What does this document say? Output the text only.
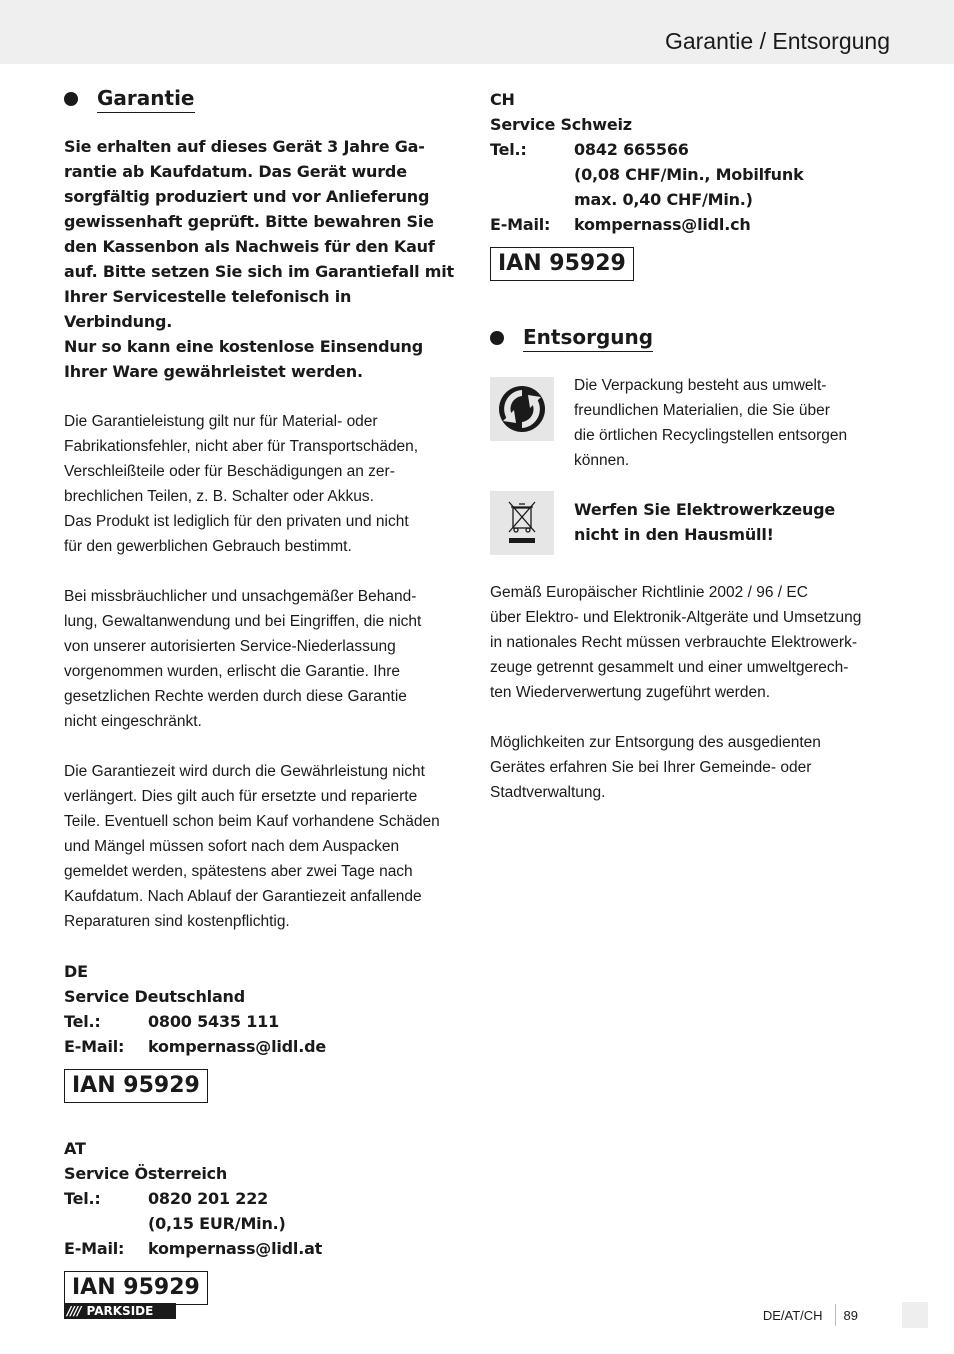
Garantie / Entsorgung
Garantie

Sie erhalten auf dieses Gerät 3 Jahre Ga-

rantie ab Kaufdatum. Das Gerät wurde

sorgfältig produziert und vor Anlieferung

gewissenhaft geprüft. Bitte bewahren Sie

den Kassenbon als Nachweis für den Kauf

auf. Bitte setzen Sie sich im Garantiefall mit

Ihrer Servicestelle telefonisch in Verbindung.

Nur so kann eine kostenlose Einsendung

Ihrer Ware gewährleistet werden.

Die Garantieleistung gilt nur für Material- oder

Fabrikationsfehler, nicht aber für Transportschäden,

Verschleißteile oder für Beschädigungen an zer-

brechlichen Teilen, z. B. Schalter oder Akkus.

Das Produkt ist lediglich für den privaten und nicht

für den gewerblichen Gebrauch bestimmt.

Bei missbräuchlicher und unsachgemäßer Behand-

lung, Gewaltanwendung und bei Eingriffen, die nicht

von unserer autorisierten Service-Niederlassung

vorgenommen wurden, erlischt die Garantie. Ihre

gesetzlichen Rechte werden durch diese Garantie

nicht eingeschränkt.

Die Garantiezeit wird durch die Gewährleistung nicht

verlängert. Dies gilt auch für ersetzte und reparierte

Teile. Eventuell schon beim Kauf vorhandene Schäden

und Mängel müssen sofort nach dem Auspacken

gemeldet werden, spätestens aber zwei Tage nach

Kaufdatum. Nach Ablauf der Garantiezeit anfallende

Reparaturen sind kostenpflichtig.

DE
Service Deutschland
Tel.:	0800 5435 111
E-Mail:	kompernass@lidl.de
IAN 95929
AT
Service Österreich
Tel.:	0820 201 222
(0,15 EUR/Min.)
E-Mail:	kompernass@lidl.at
IAN 95929
CH
Service Schweiz
Tel.:	0842 665566
(0,08 CHF/Min., Mobilfunk
max. 0,40 CHF/Min.)
E-Mail:	kompernass@lidl.ch
IAN 95929
Entsorgung

Die Verpackung besteht aus umwelt-

freundlichen Materialien, die Sie über

die örtlichen Recyclingstellen entsorgen

können.

Werfen Sie Elektrowerkzeuge

nicht in den Hausmüll!

Gemäß Europäischer Richtlinie 2002 / 96 / EC

über Elektro- und Elektronik-Altgeräte und Umsetzung

in nationales Recht müssen verbrauchte Elektrowerk-

zeuge getrennt gesammelt und einer umweltgerech-

ten Wiederverwertung zugeführt werden.

Möglichkeiten zur Entsorgung des ausgedienten

Gerätes erfahren Sie bei Ihrer Gemeinde- oder

Stadtverwaltung.

//// PARKSIDE	DE/AT/CH 89
